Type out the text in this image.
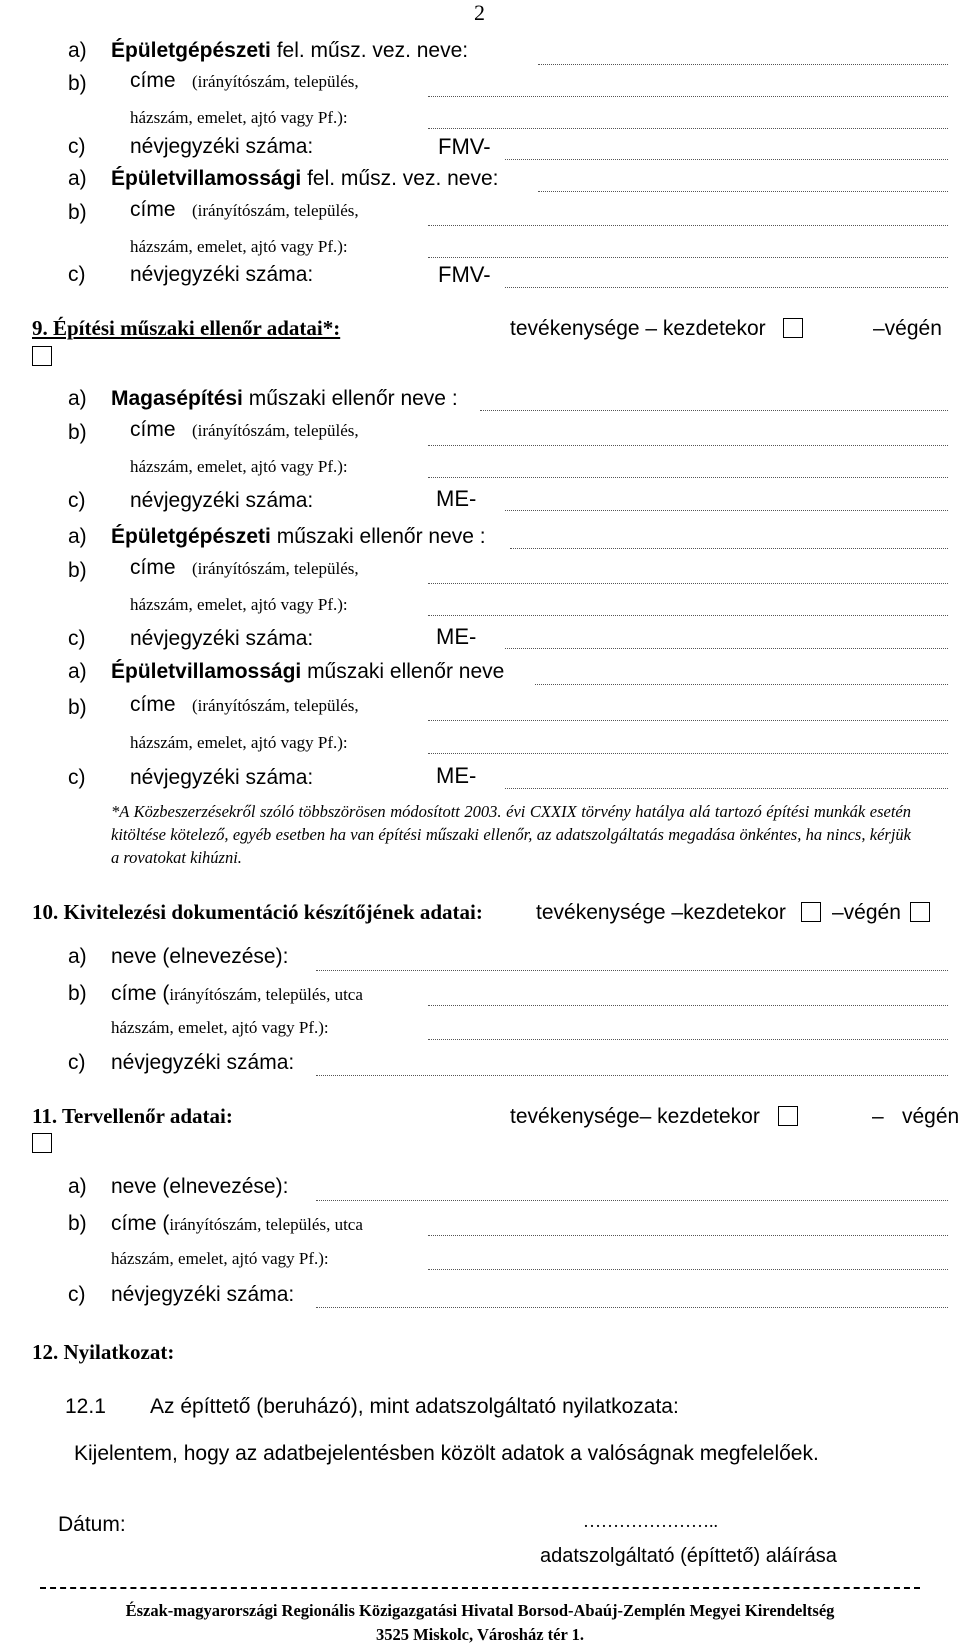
2
a) Épületgépészeti fel. műsz. vez. neve:
b) címe (irányítószám, település,
házszám, emelet, ajtó vagy Pf.):
c) névjegyzéki száma:	FMV-
a) Épületvillamossági fel. műsz. vez. neve:
b) címe (irányítószám, település,
házszám, emelet, ajtó vagy Pf.):
c) névjegyzéki száma:	FMV-
9. Építési műszaki ellenőr adatai*:	tevékenysége – kezdetekor	–végén
a) Magasépítési műszaki ellenőr neve :
b) címe (irányítószám, település,
házszám, emelet, ajtó vagy Pf.):
c) névjegyzéki száma:	ME-
a) Épületgépészeti műszaki ellenőr neve :
b) címe (irányítószám, település,
házszám, emelet, ajtó vagy Pf.):
c) névjegyzéki száma:	ME-
a) Épületvillamossági műszaki ellenőr neve
b) címe (irányítószám, település,
házszám, emelet, ajtó vagy Pf.):
c) névjegyzéki száma:	ME-
*A Közbeszerzésekről szóló többszörösen módosított 2003. évi CXXIX törvény hatálya alá tartozó építési munkák esetén kitöltése kötelező, egyéb esetben ha van építési műszaki ellenőr, az adatszolgáltatás megadása önkéntes, ha nincs, kérjük a rovatokat kihúzni.
10. Kivitelezési dokumentáció készítőjének adatai:	tevékenysége –kezdetekor –végén
a) neve (elnevezése):
b) címe (irányítószám, település, utca
házszám, emelet, ajtó vagy Pf.):
c) névjegyzéki száma:
11. Tervellenőr adatai:	tevékenysége– kezdetekor	– végén
a) neve (elnevezése):
b) címe (irányítószám, település, utca
házszám, emelet, ajtó vagy Pf.):
c) névjegyzéki száma:
12. Nyilatkozat:
12.1 Az építtető (beruházó), mint adatszolgáltató nyilatkozata:
Kijelentem, hogy az adatbejelentésben közölt adatok a valóságnak megfelelőek.
Dátum:	…………………..
adatszolgáltató (építtető) aláírása
Észak-magyarországi Regionális Közigazgatási Hivatal Borsod-Abaúj-Zemplén Megyei Kirendeltség
3525 Miskolc, Városház tér 1.
